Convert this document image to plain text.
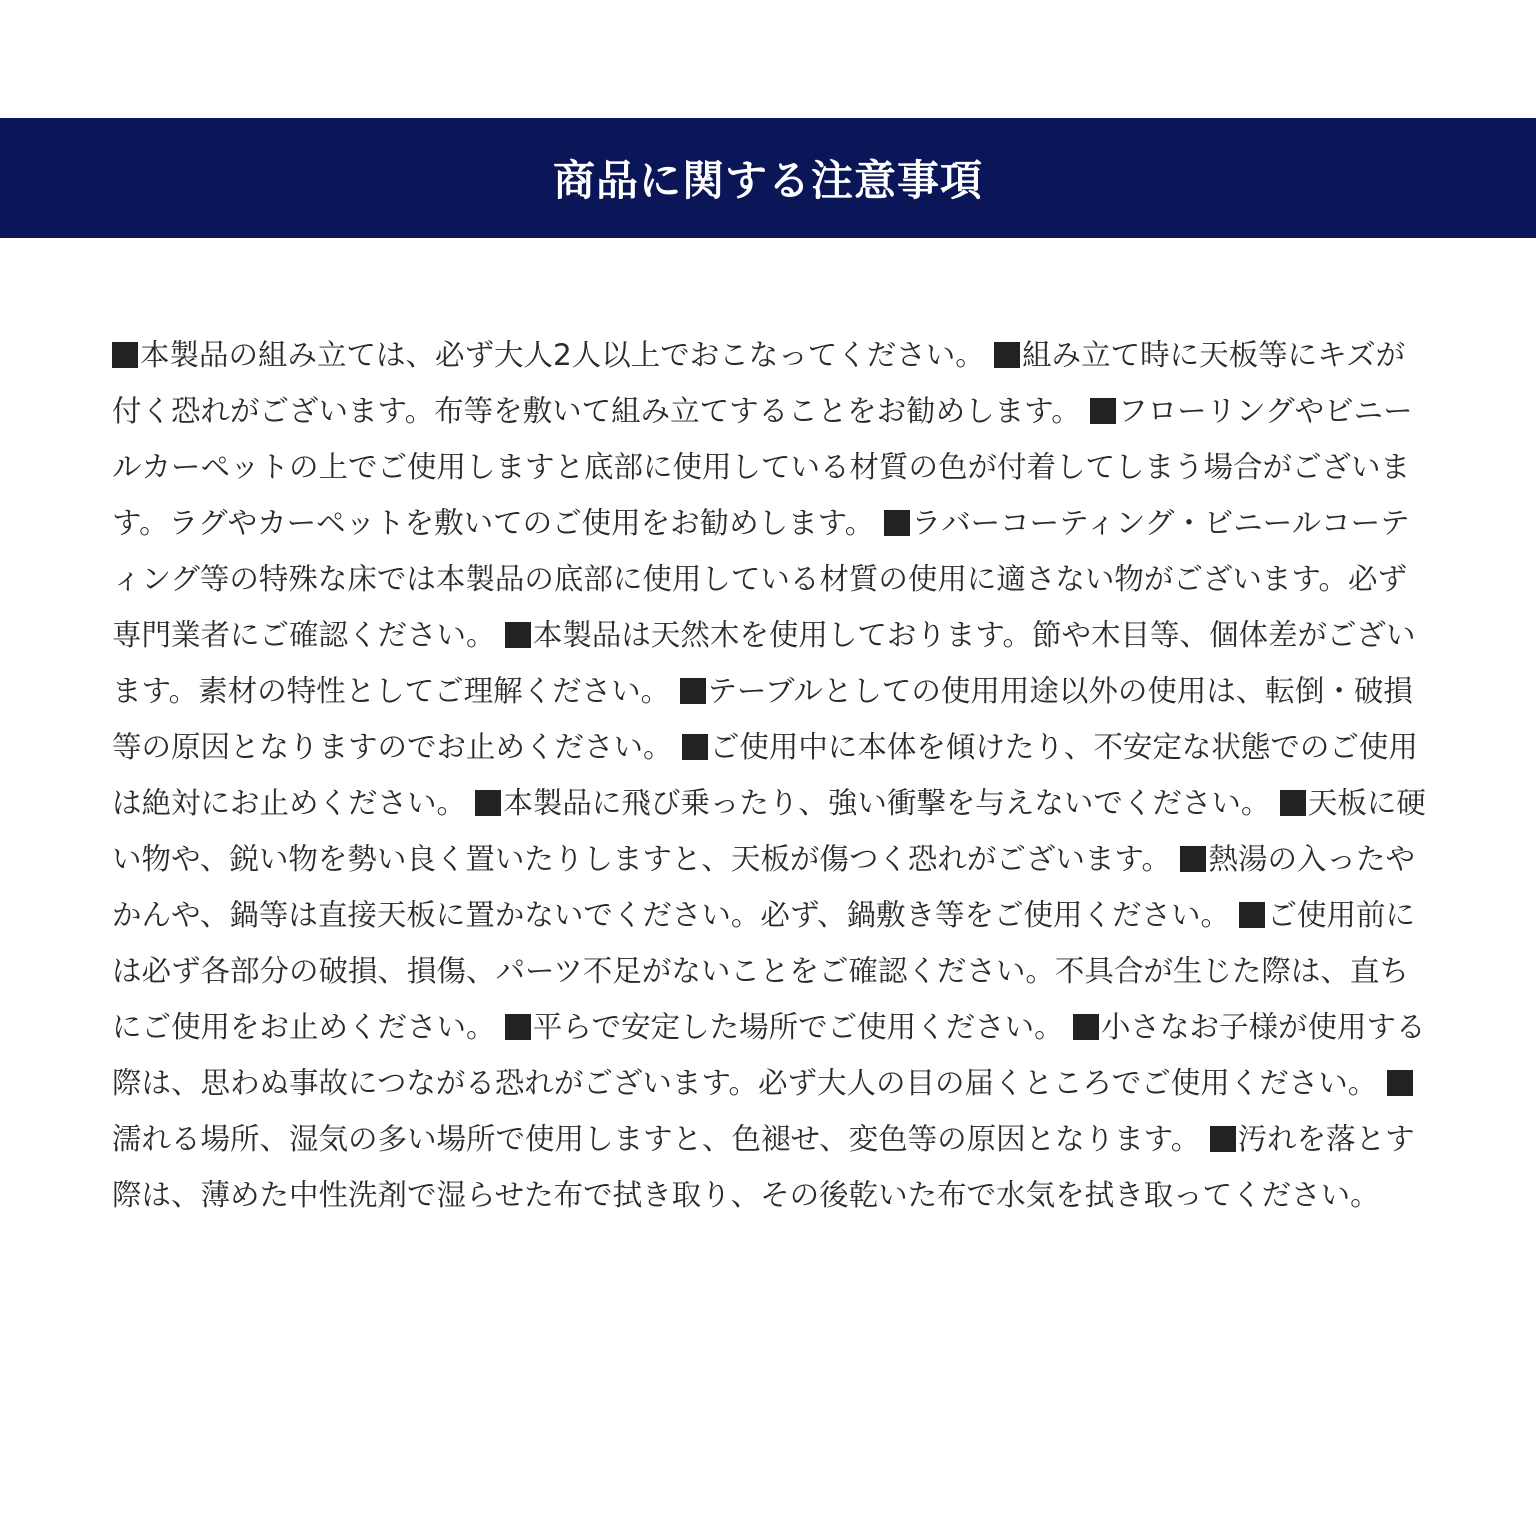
商品に関する注意事項
本製品の組み立ては、必ず大人2人以上でおこなってください。 組み立て時に天板等にキズが付く恐れがございます。布等を敷いて組み立てすることをお勧めします。 フローリングやビニールカーペットの上でご使用しますと底部に使用している材質の色が付着してしまう場合がございます。ラグやカーペットを敷いてのご使用をお勧めします。 ラバーコーティング・ビニールコーティング等の特殊な床では本製品の底部に使用している材質の使用に適さない物がございます。必ず専門業者にご確認ください。 本製品は天然木を使用しております。節や木目等、個体差がございます。素材の特性としてご理解ください。 テーブルとしての使用用途以外の使用は、転倒・破損等の原因となりますのでお止めください。 ご使用中に本体を傾けたり、不安定な状態でのご使用は絶対にお止めください。 本製品に飛び乗ったり、強い衝撃を与えないでください。 天板に硬い物や、鋭い物を勢い良く置いたりしますと、天板が傷つく恐れがございます。 熱湯の入ったやかんや、鍋等は直接天板に置かないでください。必ず、鍋敷き等をご使用ください。 ご使用前には必ず各部分の破損、損傷、パーツ不足がないことをご確認ください。不具合が生じた際は、直ちにご使用をお止めください。 平らで安定した場所でご使用ください。 小さなお子様が使用する際は、思わぬ事故につながる恐れがございます。必ず大人の目の届くところでご使用ください。 濡れる場所、湿気の多い場所で使用しますと、色褪せ、変色等の原因となります。 汚れを落とす際は、薄めた中性洗剤で湿らせた布で拭き取り、その後乾いた布で水気を拭き取ってください。
